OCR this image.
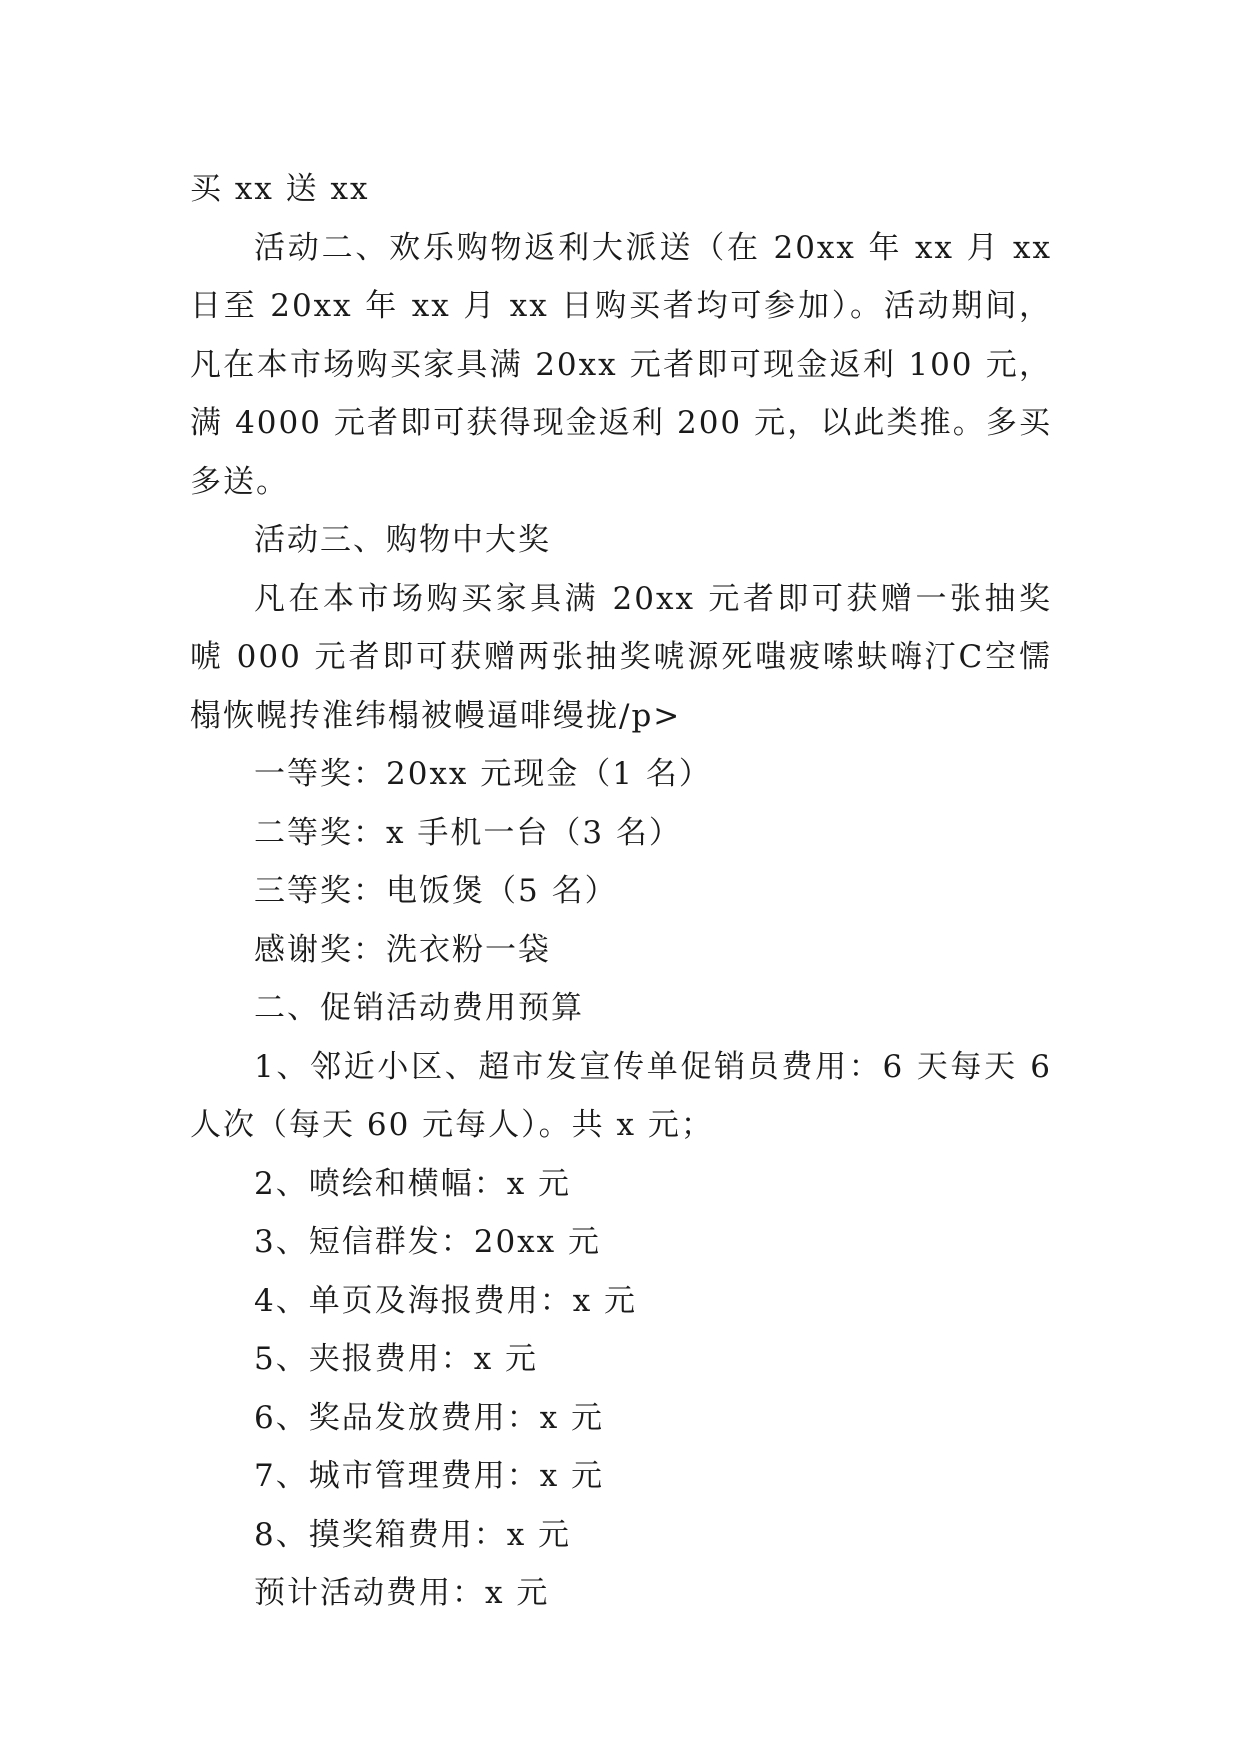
买 xx 送 xx

活动二、欢乐购物返利大派送（在 20xx 年 xx 月 xx 日至 20xx 年 xx 月 xx 日购买者均可参加）。活动期间，凡在本市场购买家具满 20xx 元者即可现金返利 100 元，满 4000 元者即可获得现金返利 200 元，以此类推。多买多送。

活动三、购物中大奖

凡在本市场购买家具满 20xx 元者即可获赠一张抽奖唬 000 元者即可获赠两张抽奖唬源死嗤疲嗦蚨嗨汀C空懦榻恢幌抟淮纬榻被幔逼啡缦拢/p>

一等奖：20xx 元现金（1 名）

二等奖：x 手机一台（3 名）

三等奖：电饭煲（5 名）

感谢奖：洗衣粉一袋

二、促销活动费用预算

1、邻近小区、超市发宣传单促销员费用：6 天每天 6 人次（每天 60 元每人）。共 x 元；

2、喷绘和横幅：x 元

3、短信群发：20xx 元

4、单页及海报费用：x 元

5、夹报费用：x 元

6、奖品发放费用：x 元

7、城市管理费用：x 元

8、摸奖箱费用：x 元

预计活动费用：x 元
